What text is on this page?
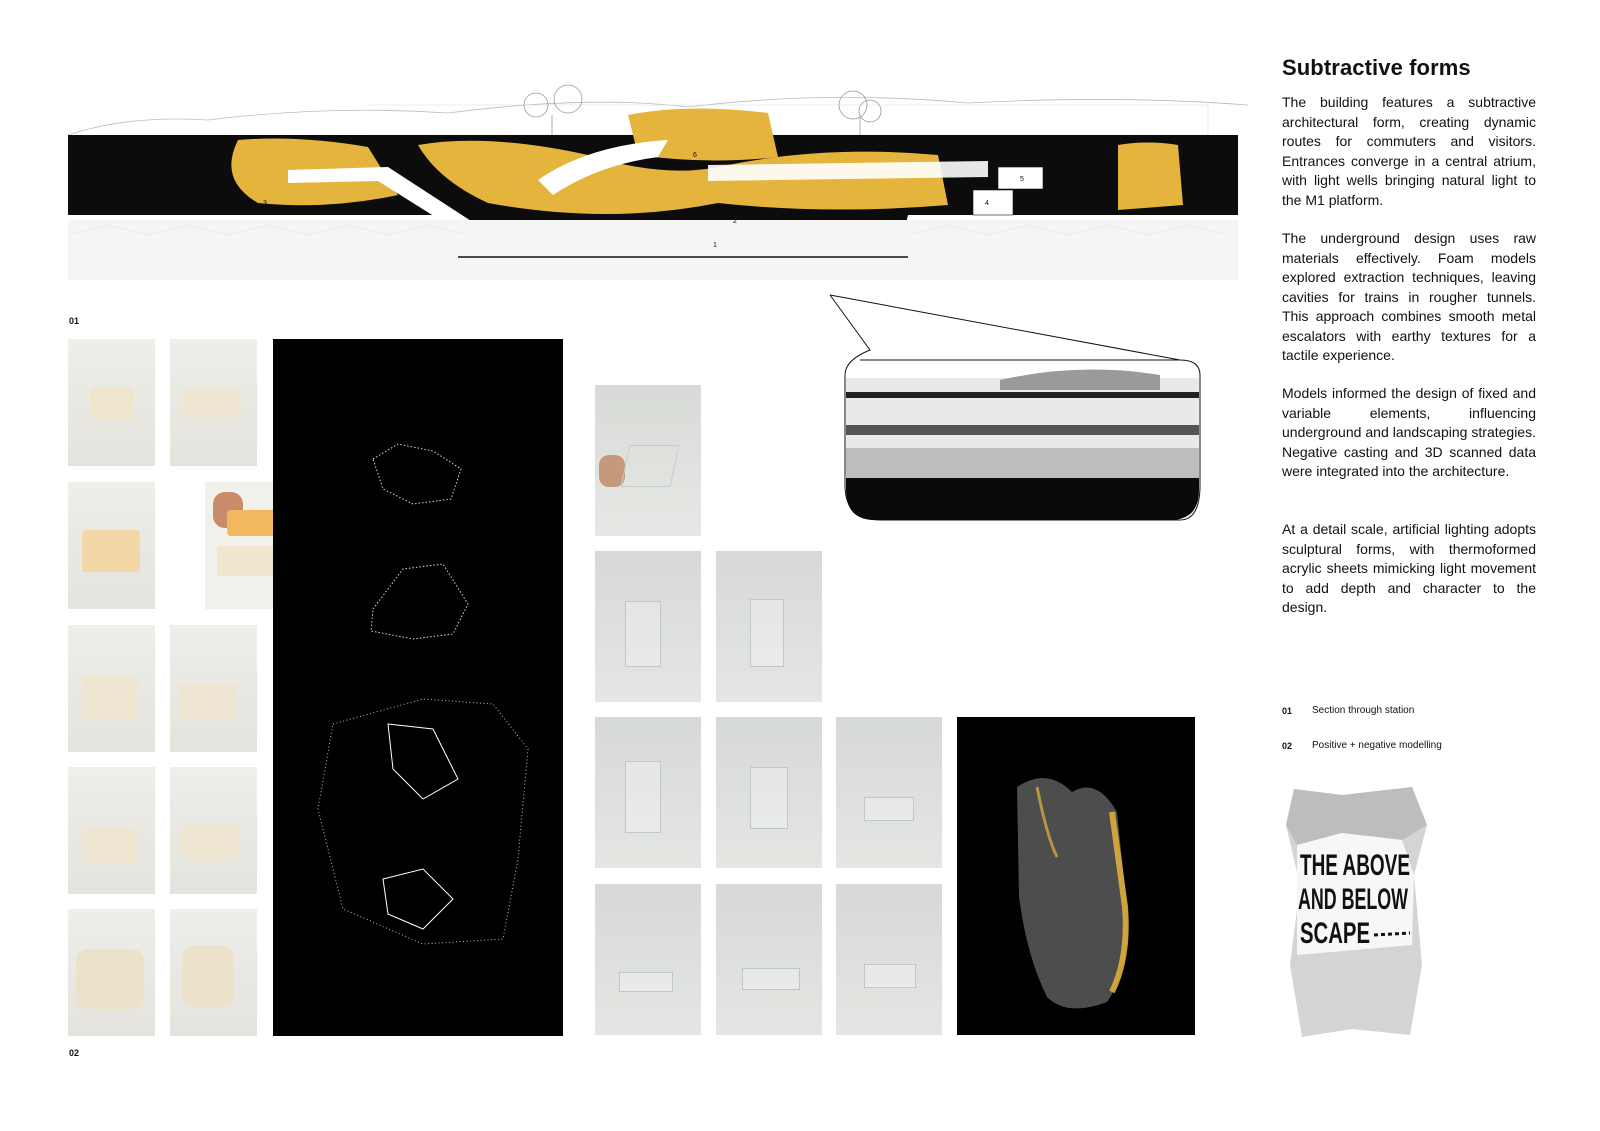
1
2
3	4
5
6
01
02
Subtractive forms
The building features a subtractive architectural form, creating dynamic routes for commuters and visitors. Entrances converge in a central atrium, with light wells bringing natural light to the M1 platform.
The underground design uses raw materials effectively. Foam models explored extraction techniques, leaving cavities for trains in rougher tunnels. This approach combines smooth metal escalators with earthy textures for a tactile experience.
Models informed the design of fixed and variable elements, influencing underground and landscaping strategies. Negative casting and 3D scanned data were integrated into the architecture.
At a detail scale, artificial lighting adopts sculptural forms, with thermoformed acrylic sheets mimicking light movement to add depth and character to the design.
01 Section through station
02 Positive + negative modelling
THE ABOVE
AND BELOW
SCAPE
